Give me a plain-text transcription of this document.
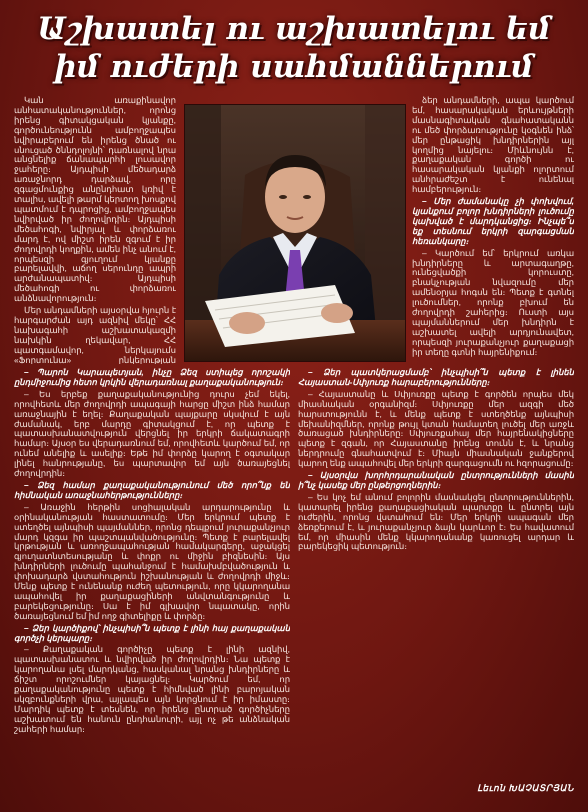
Աշխատել ու աշխատելու եմ
իմ ուժերի սահմաններում

Կան առաքինավոր անհատականություններ, որոնց իրենց գիտակցական կյանքը, գործունեությունն ամբողջապես նվիրաբերում են իրենց ծնած ու սնուցած ծննդոլոյնի՝ դառնալով նրա անցնելիք ճանապարհի լուսավոր ջահերը։ Այդպիսի մեծադարձ առաջնորդ դարձավ, որը զգացմունքից անընդհատ կռիվ է տալիս, ավելի թարմ կերտող խոսքով պատմում է դպրոցից, ամբողջապես նվիրված իր ժողովրդին։ Այդպիսի մեծահոգի, նվիրյալ և փորձառու մարդ է, ով միշտ իրեն զգում է իր ժողովրդի կողքին, ամեն ինչ անում է, որպեսզի գյուղում կյանքը բարելավվի, աճող սերունդը ապրի արժանապատիվ։ Այդպիսի մեծահոգի ու փորձառու անձնավորություն։

Մեր անդամների այսօրվա հյուրն է հարգարժան այդ ազնիվ մեկը՝ ՀՀ նախագահի աշխատակազմի նախկին ղեկավար, ՀՀ պատգամավոր, ներկայումս «Ֆորտունա» ընկերության

ձեր անդամների, ապա կարծում եմ, հասարակական երևույթների մասնագիտական գնահատականն ու մեծ փորձառությունը կօգնեն ինձ՝ մեր ընթացիկ խնդիրներին այլ կողմից նայելու։ Միևնույնն է, քաղաքական գործի ու հասարակական կյանքի ոլորտում անհրաժեշտ է ունենալ համբերություն։

– Մեր ժամանակը չի փոխվում, կյանքում բոլոր խնդիրների լուծումը կախված է մարդկանցից։ Ինչպե՞ս եք տեսնում երկրի զարգացման հեռանկարը։

– Կարծում եմ՝ երկրում առկա խնդիրները և արտագաղթը, ունեցվածքի կորուստը, բնակչության նվազումը մեր ամենօրյա հոգսն են։ Պետք է գտնել լուծումներ, որոնք բխում են ժողովրդի շահերից։ Ուստի այս պայմաններում մեր խնդիրն է աշխատել ավելի արդյունավետ, որպեսզի յուրաքանչյուր քաղաքացի իր տեղը գտնի հայրենիքում։

– Պարոն Կարապետյան, ինչը Ձեզ ստիպեց որոշակի ընդմիջումից հետո կրկին վերադառնալ քաղաքականություն։

– Ես երբեք քաղաքականությունից դուրս չեմ եկել, որովհետև մեր ժողովրդի ապագայի հարցը միշտ ինձ համար առաջնային է եղել։ Քաղաքական պայքարը սկսվում է այն ժամանակ, երբ մարդը գիտակցում է, որ պետք է պատասխանատվություն վերցնել իր երկրի ճակատագրի համար։ Այսօր ես վերադառնում եմ, որովհետև կարծում եմ, որ ունեմ անելիք և ասելիք։ Եթե իմ փորձը կարող է օգտակար լինել հանրությանը, ես պարտավոր եմ այն ծառայեցնել ժողովրդին։

– Ձեզ համար քաղաքականությունում մեծ որո՞նք են հիմնական առաջնահերթությունները։

– Առաջին հերթին սոցիալական արդարությունը և օրինականության հաստատումը։ Մեր երկրում պետք է ստեղծել այնպիսի պայմաններ, որոնց դեպքում յուրաքանչյուր մարդ կզգա իր պաշտպանվածությունը։ Պետք է բարելավել կրթության և առողջապահության համակարգերը, աջակցել գյուղատնտեսությանը և փոքր ու միջին բիզնեսին։ Այս խնդիրների լուծումը պահանջում է համախմբվածություն և փոխադարձ վստահություն իշխանության և ժողովրդի միջև։ Մենք պետք է ունենանք ուժեղ պետություն, որը կկարողանա ապահովել իր քաղաքացիների անվտանգությունը և բարեկեցությունը։ Սա է իմ գլխավոր նպատակը, որին ծառայեցնում եմ իմ ողջ գիտելիքը և փորձը։

– Ձեր կարծիքով՝ ինչպիսի՞ն պետք է լինի հայ քաղաքական գործչի կերպարը։

– Քաղաքական գործիչը պետք է լինի ազնիվ, պատասխանատու և նվիրված իր ժողովրդին։ Նա պետք է կարողանա լսել մարդկանց, հասկանալ նրանց խնդիրները և ճիշտ որոշումներ կայացնել։ Կարծում եմ, որ քաղաքականությունը պետք է հիմնված լինի բարոյական սկզբունքների վրա, այլապես այն կորցնում է իր իմաստը։ Մարդիկ պետք է տեսնեն, որ իրենց ընտրած գործիչները աշխատում են հանուն ընդհանուրի, այլ ոչ թե անձնական շահերի համար։

– Ձեր պատկերացմամբ՝ ինչպիսի՞ն պետք է լինեն Հայաստան-Սփյուռք հարաբերությունները։

– Հայաստանը և Սփյուռքը պետք է գործեն որպես մեկ միասնական օրգանիզմ։ Սփյուռքը մեր ազգի մեծ հարստությունն է, և մենք պետք է ստեղծենք այնպիսի մեխանիզմներ, որոնք թույլ կտան համատեղ լուծել մեր առջև ծառացած խնդիրները։ Սփյուռքահայ մեր հայրենակիցները պետք է զգան, որ Հայաստանը իրենց տունն է, և նրանց ներդրումը գնահատվում է։ Միայն միասնական ջանքերով կարող ենք ապահովել մեր երկրի զարգացումն ու հզորացումը։

– Այսօրվա խորհրդարանական ընտրությունների մասին ի՞նչ կասեք մեր ընթերցողներին։

– Ես կոչ եմ անում բոլորին մասնակցել ընտրություններին, կատարել իրենց քաղաքացիական պարտքը և ընտրել այն ուժերին, որոնց վստահում են։ Մեր երկրի ապագան մեր ձեռքերում է, և յուրաքանչյուր ձայն կարևոր է։ Ես հավատում եմ, որ միասին մենք կկարողանանք կառուցել արդար և բարեկեցիկ պետություն։

Լեւոն ԽԱՉԱՏՐՅԱՆ
